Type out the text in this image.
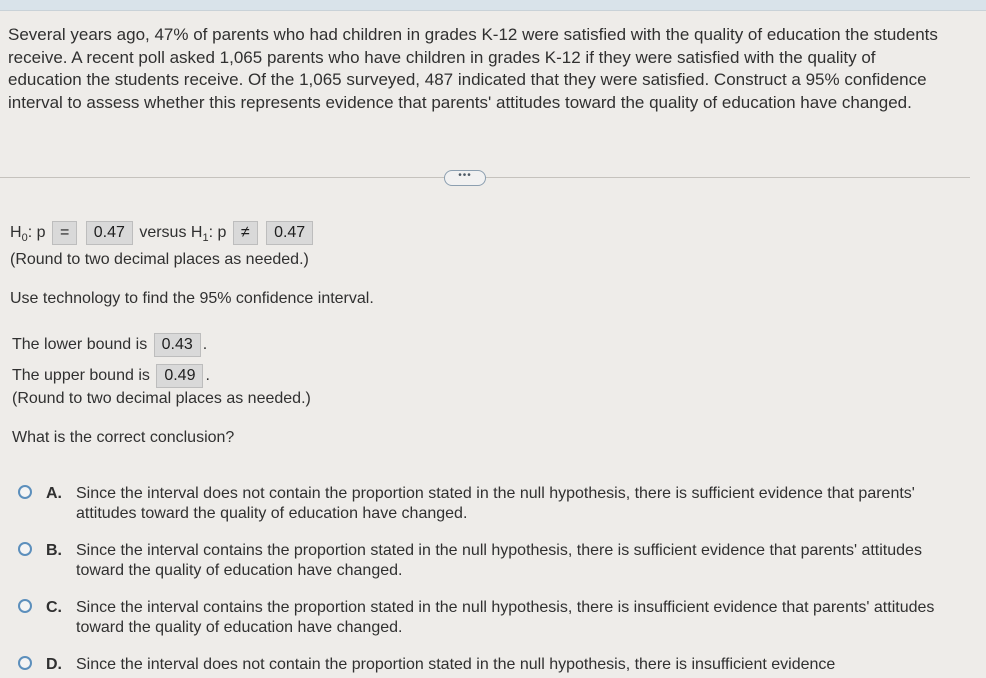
Several years ago, 47% of parents who had children in grades K-12 were satisfied with the quality of education the students receive. A recent poll asked 1,065 parents who have children in grades K-12 if they were satisfied with the quality of education the students receive. Of the 1,065 surveyed, 487 indicated that they were satisfied. Construct a 95% confidence interval to assess whether this represents evidence that parents' attitudes toward the quality of education have changed.
•••
$H_0$: p = 0.47 versus $H_1$: p ≠ 0.47
(Round to two decimal places as needed.)
Use technology to find the 95% confidence interval.
The lower bound is 0.43 .
The upper bound is 0.49 .
(Round to two decimal places as needed.)
What is the correct conclusion?
A. Since the interval does not contain the proportion stated in the null hypothesis, there is sufficient evidence that parents' attitudes toward the quality of education have changed.
B. Since the interval contains the proportion stated in the null hypothesis, there is sufficient evidence that parents' attitudes toward the quality of education have changed.
C. Since the interval contains the proportion stated in the null hypothesis, there is insufficient evidence that parents' attitudes toward the quality of education have changed.
D. Since the interval does not contain the proportion stated in the null hypothesis, there is insufficient evidence
